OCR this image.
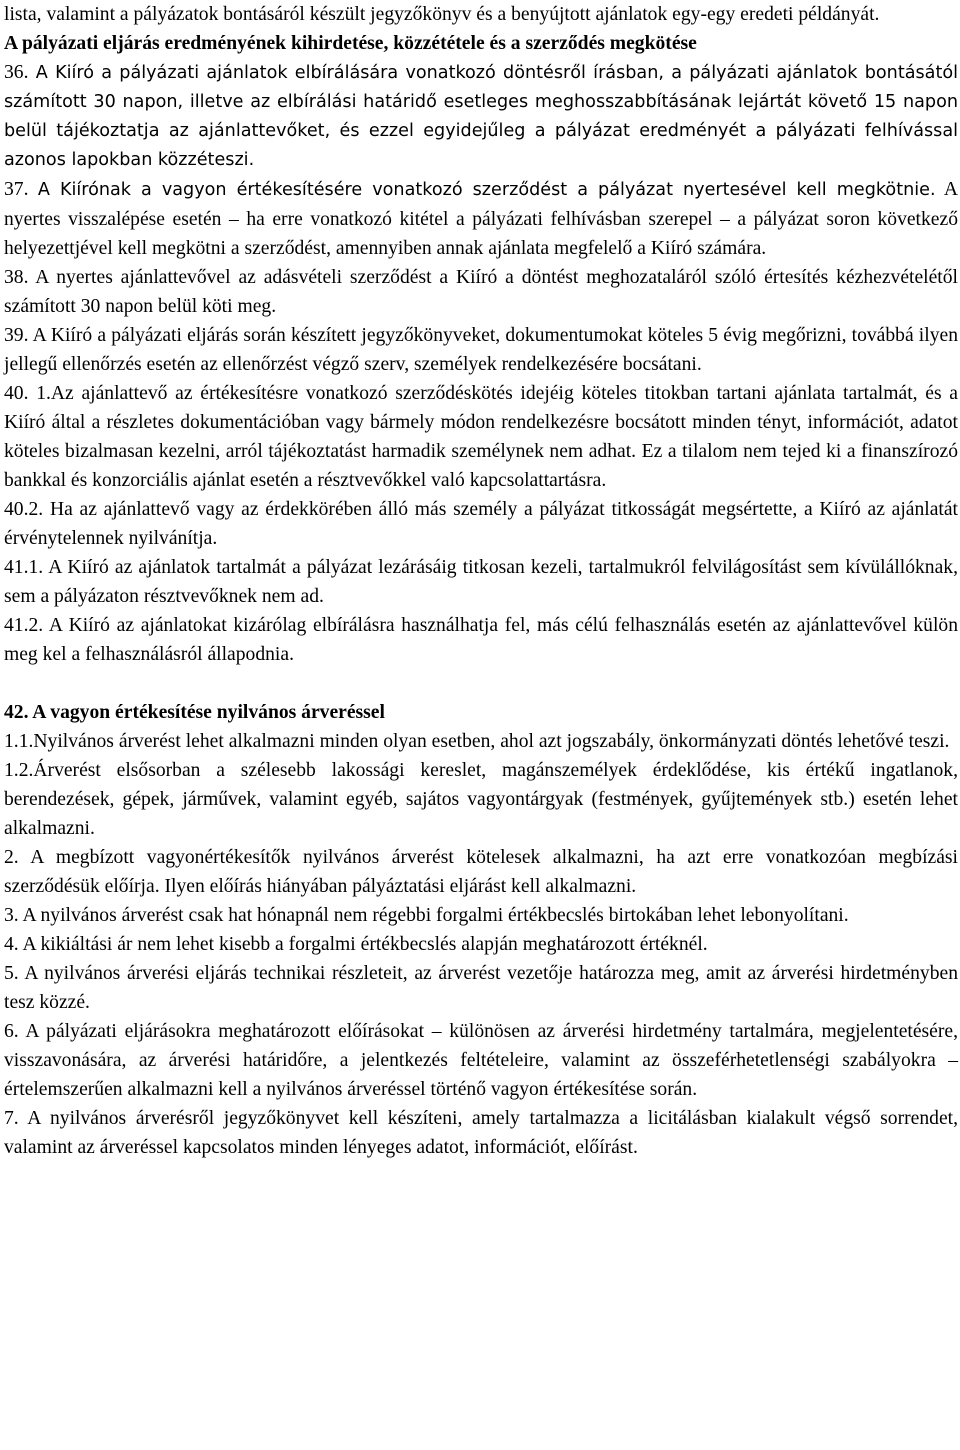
lista, valamint a pályázatok bontásáról készült jegyzőkönyv és a benyújtott ajánlatok egy-egy eredeti példányát.

A pályázati eljárás eredményének kihirdetése, közzététele és a szerződés megkötése

36. A Kiíró a pályázati ajánlatok elbírálására vonatkozó döntésről írásban, a pályázati ajánlatok bontásától számított 30 napon, illetve az elbírálási határidő esetleges meghosszabbításának lejártát követő 15 napon belül tájékoztatja az ajánlattevőket, és ezzel egyidejűleg a pályázat eredményét a pályázati felhívással azonos lapokban közzéteszi.

37. A Kiírónak a vagyon értékesítésére vonatkozó szerződést a pályázat nyertesével kell megkötnie. A nyertes visszalépése esetén – ha erre vonatkozó kitétel a pályázati felhívásban szerepel – a pályázat soron következő helyezettjével kell megkötni a szerződést, amennyiben annak ajánlata megfelelő a Kiíró számára.

38. A nyertes ajánlattevővel az adásvételi szerződést a Kiíró a döntést meghozataláról szóló értesítés kézhezvételétől számított 30 napon belül köti meg.

39. A Kiíró a pályázati eljárás során készített jegyzőkönyveket, dokumentumokat köteles 5 évig megőrizni, továbbá ilyen jellegű ellenőrzés esetén az ellenőrzést végző szerv, személyek rendelkezésére bocsátani.

40. 1.Az ajánlattevő az értékesítésre vonatkozó szerződéskötés idejéig köteles titokban tartani ajánlata tartalmát, és a Kiíró által a részletes dokumentációban vagy bármely módon rendelkezésre bocsátott minden tényt, információt, adatot köteles bizalmasan kezelni, arról tájékoztatást harmadik személynek nem adhat. Ez a tilalom nem tejed ki a finanszírozó bankkal és konzorciális ajánlat esetén a résztvevőkkel való kapcsolattartásra.

40.2. Ha az ajánlattevő vagy az érdekkörében álló más személy a pályázat titkosságát megsértette, a Kiíró az ajánlatát érvénytelennek nyilvánítja.

41.1. A Kiíró az ajánlatok tartalmát a pályázat lezárásáig titkosan kezeli, tartalmukról felvilágosítást sem kívülállóknak, sem a pályázaton résztvevőknek nem ad.

41.2. A Kiíró az ajánlatokat kizárólag elbírálásra használhatja fel, más célú felhasználás esetén az ajánlattevővel külön meg kel a felhasználásról állapodnia.

42. A vagyon értékesítése nyilvános árveréssel

1.1.Nyilvános árverést lehet alkalmazni minden olyan esetben, ahol azt jogszabály, önkormányzati döntés lehetővé teszi.

1.2.Árverést elsősorban a szélesebb lakossági kereslet, magánszemélyek érdeklődése, kis értékű ingatlanok, berendezések, gépek, járművek, valamint egyéb, sajátos vagyontárgyak (festmények, gyűjtemények stb.) esetén lehet alkalmazni.

2. A megbízott vagyonértékesítők nyilvános árverést kötelesek alkalmazni, ha azt erre vonatkozóan megbízási szerződésük előírja. Ilyen előírás hiányában pályáztatási eljárást kell alkalmazni.

3. A nyilvános árverést csak hat hónapnál nem régebbi forgalmi értékbecslés birtokában lehet lebonyolítani.

4. A kikiáltási ár nem lehet kisebb a forgalmi értékbecslés alapján meghatározott értéknél.

5. A nyilvános árverési eljárás technikai részleteit, az árverést vezetője határozza meg, amit az árverési hirdetményben tesz közzé.

6. A pályázati eljárásokra meghatározott előírásokat – különösen az árverési hirdetmény tartalmára, megjelentetésére, visszavonására, az árverési határidőre, a jelentkezés feltételeire, valamint az összeférhetetlenségi szabályokra – értelemszerűen alkalmazni kell a nyilvános árveréssel történő vagyon értékesítése során.

7. A nyilvános árverésről jegyzőkönyvet kell készíteni, amely tartalmazza a licitálásban kialakult végső sorrendet, valamint az árveréssel kapcsolatos minden lényeges adatot, információt, előírást.
